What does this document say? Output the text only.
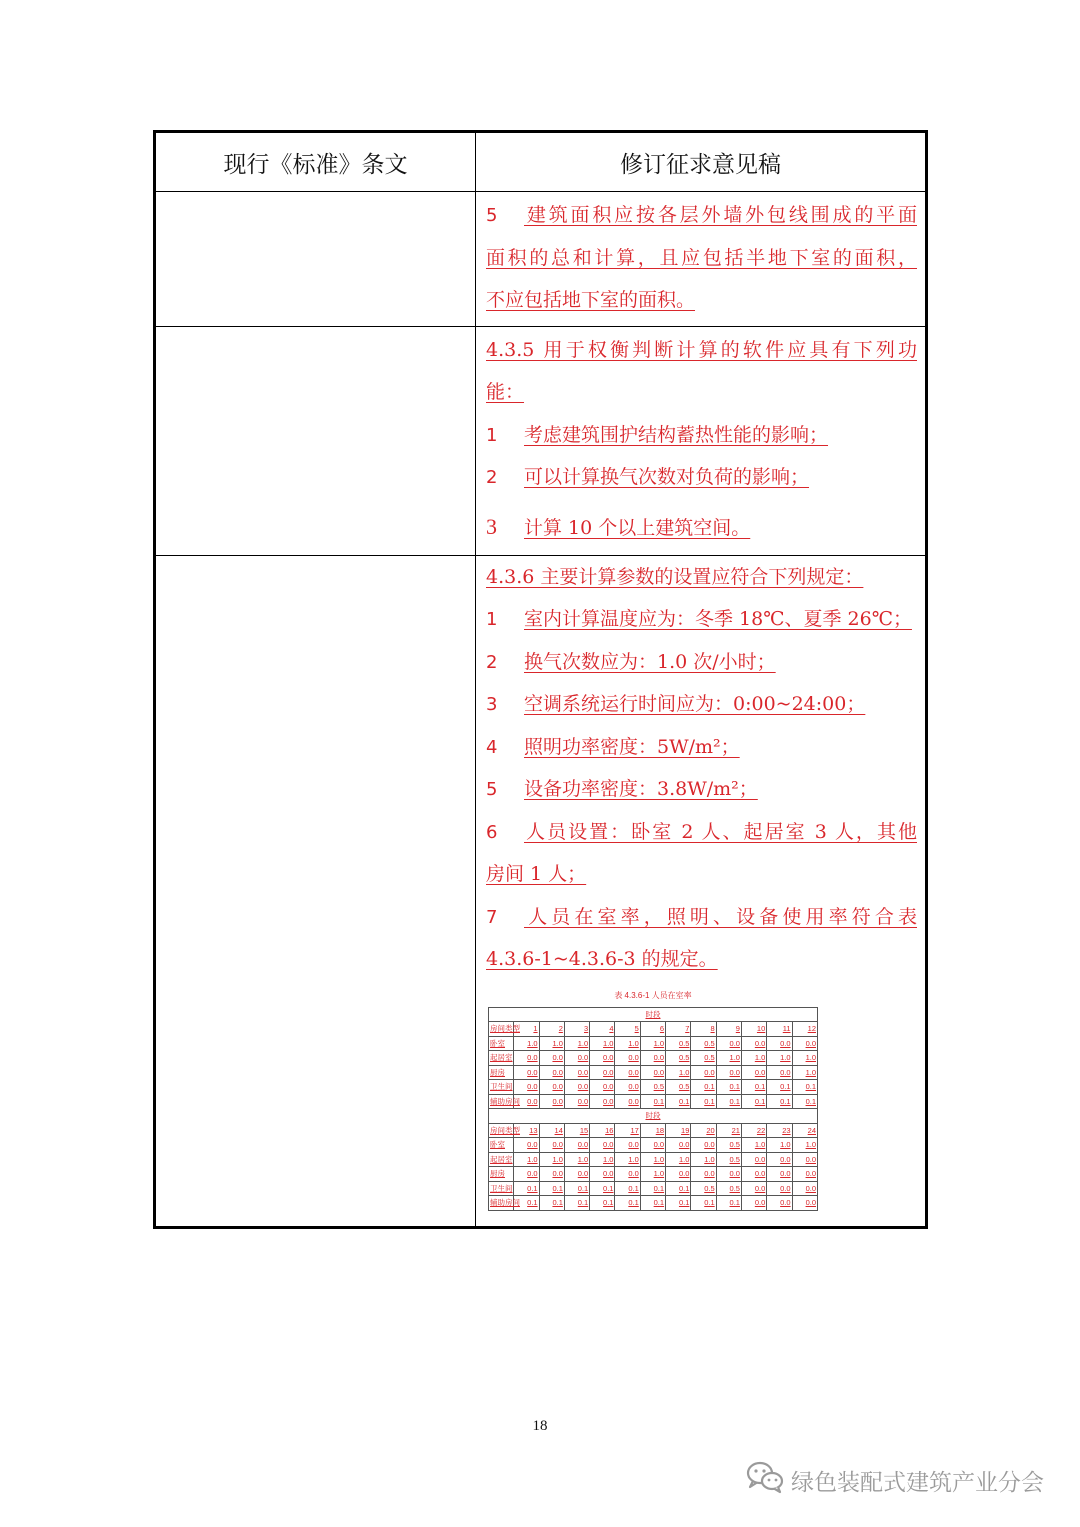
现行《标准》条文	修订征求意见稿

5 建筑面积应按各层外墙外包线围成的平面
面积的总和计算，且应包括半地下室的面积，
不应包括地下室的面积。

4.3.5 用于权衡判断计算的软件应具有下列功
能：
1 考虑建筑围护结构蓄热性能的影响；
2 可以计算换气次数对负荷的影响；
3 计算 10 个以上建筑空间。

4.3.6 主要计算参数的设置应符合下列规定：
1 室内计算温度应为：冬季 18℃、夏季 26℃；
2 换气次数应为：1.0 次/小时；
3 空调系统运行时间应为：0:00~24:00；
4 照明功率密度：5W/m²；
5 设备功率密度：3.8W/m²；
6 人员设置：卧室 2 人、起居室 3 人，其他
房间 1 人；
7 人员在室率，照明、设备使用率符合表
4.3.6-1~4.3.6-3 的规定。
表 4.3.6-1 人员在室率
时段
房间类型	1	2	3	4	5	6	7	8	9	10	11	12
卧室	1.0	1.0	1.0	1.0	1.0	1.0	0.5	0.5	0.0	0.0	0.0	0.0
起居室	0.0	0.0	0.0	0.0	0.0	0.0	0.5	0.5	1.0	1.0	1.0	1.0
厨房	0.0	0.0	0.0	0.0	0.0	0.0	1.0	0.0	0.0	0.0	0.0	1.0
卫生间	0.0	0.0	0.0	0.0	0.0	0.5	0.5	0.1	0.1	0.1	0.1	0.1
辅助房间	0.0	0.0	0.0	0.0	0.0	0.1	0.1	0.1	0.1	0.1	0.1	0.1
时段
房间类型	13	14	15	16	17	18	19	20	21	22	23	24
卧室	0.0	0.0	0.0	0.0	0.0	0.0	0.0	0.0	0.5	1.0	1.0	1.0
起居室	1.0	1.0	1.0	1.0	1.0	1.0	1.0	1.0	0.5	0.0	0.0	0.0
厨房	0.0	0.0	0.0	0.0	0.0	1.0	0.0	0.0	0.0	0.0	0.0	0.0
卫生间	0.1	0.1	0.1	0.1	0.1	0.1	0.1	0.5	0.5	0.0	0.0	0.0
辅助房间	0.1	0.1	0.1	0.1	0.1	0.1	0.1	0.1	0.1	0.0	0.0	0.0
18
绿色装配式建筑产业分会
